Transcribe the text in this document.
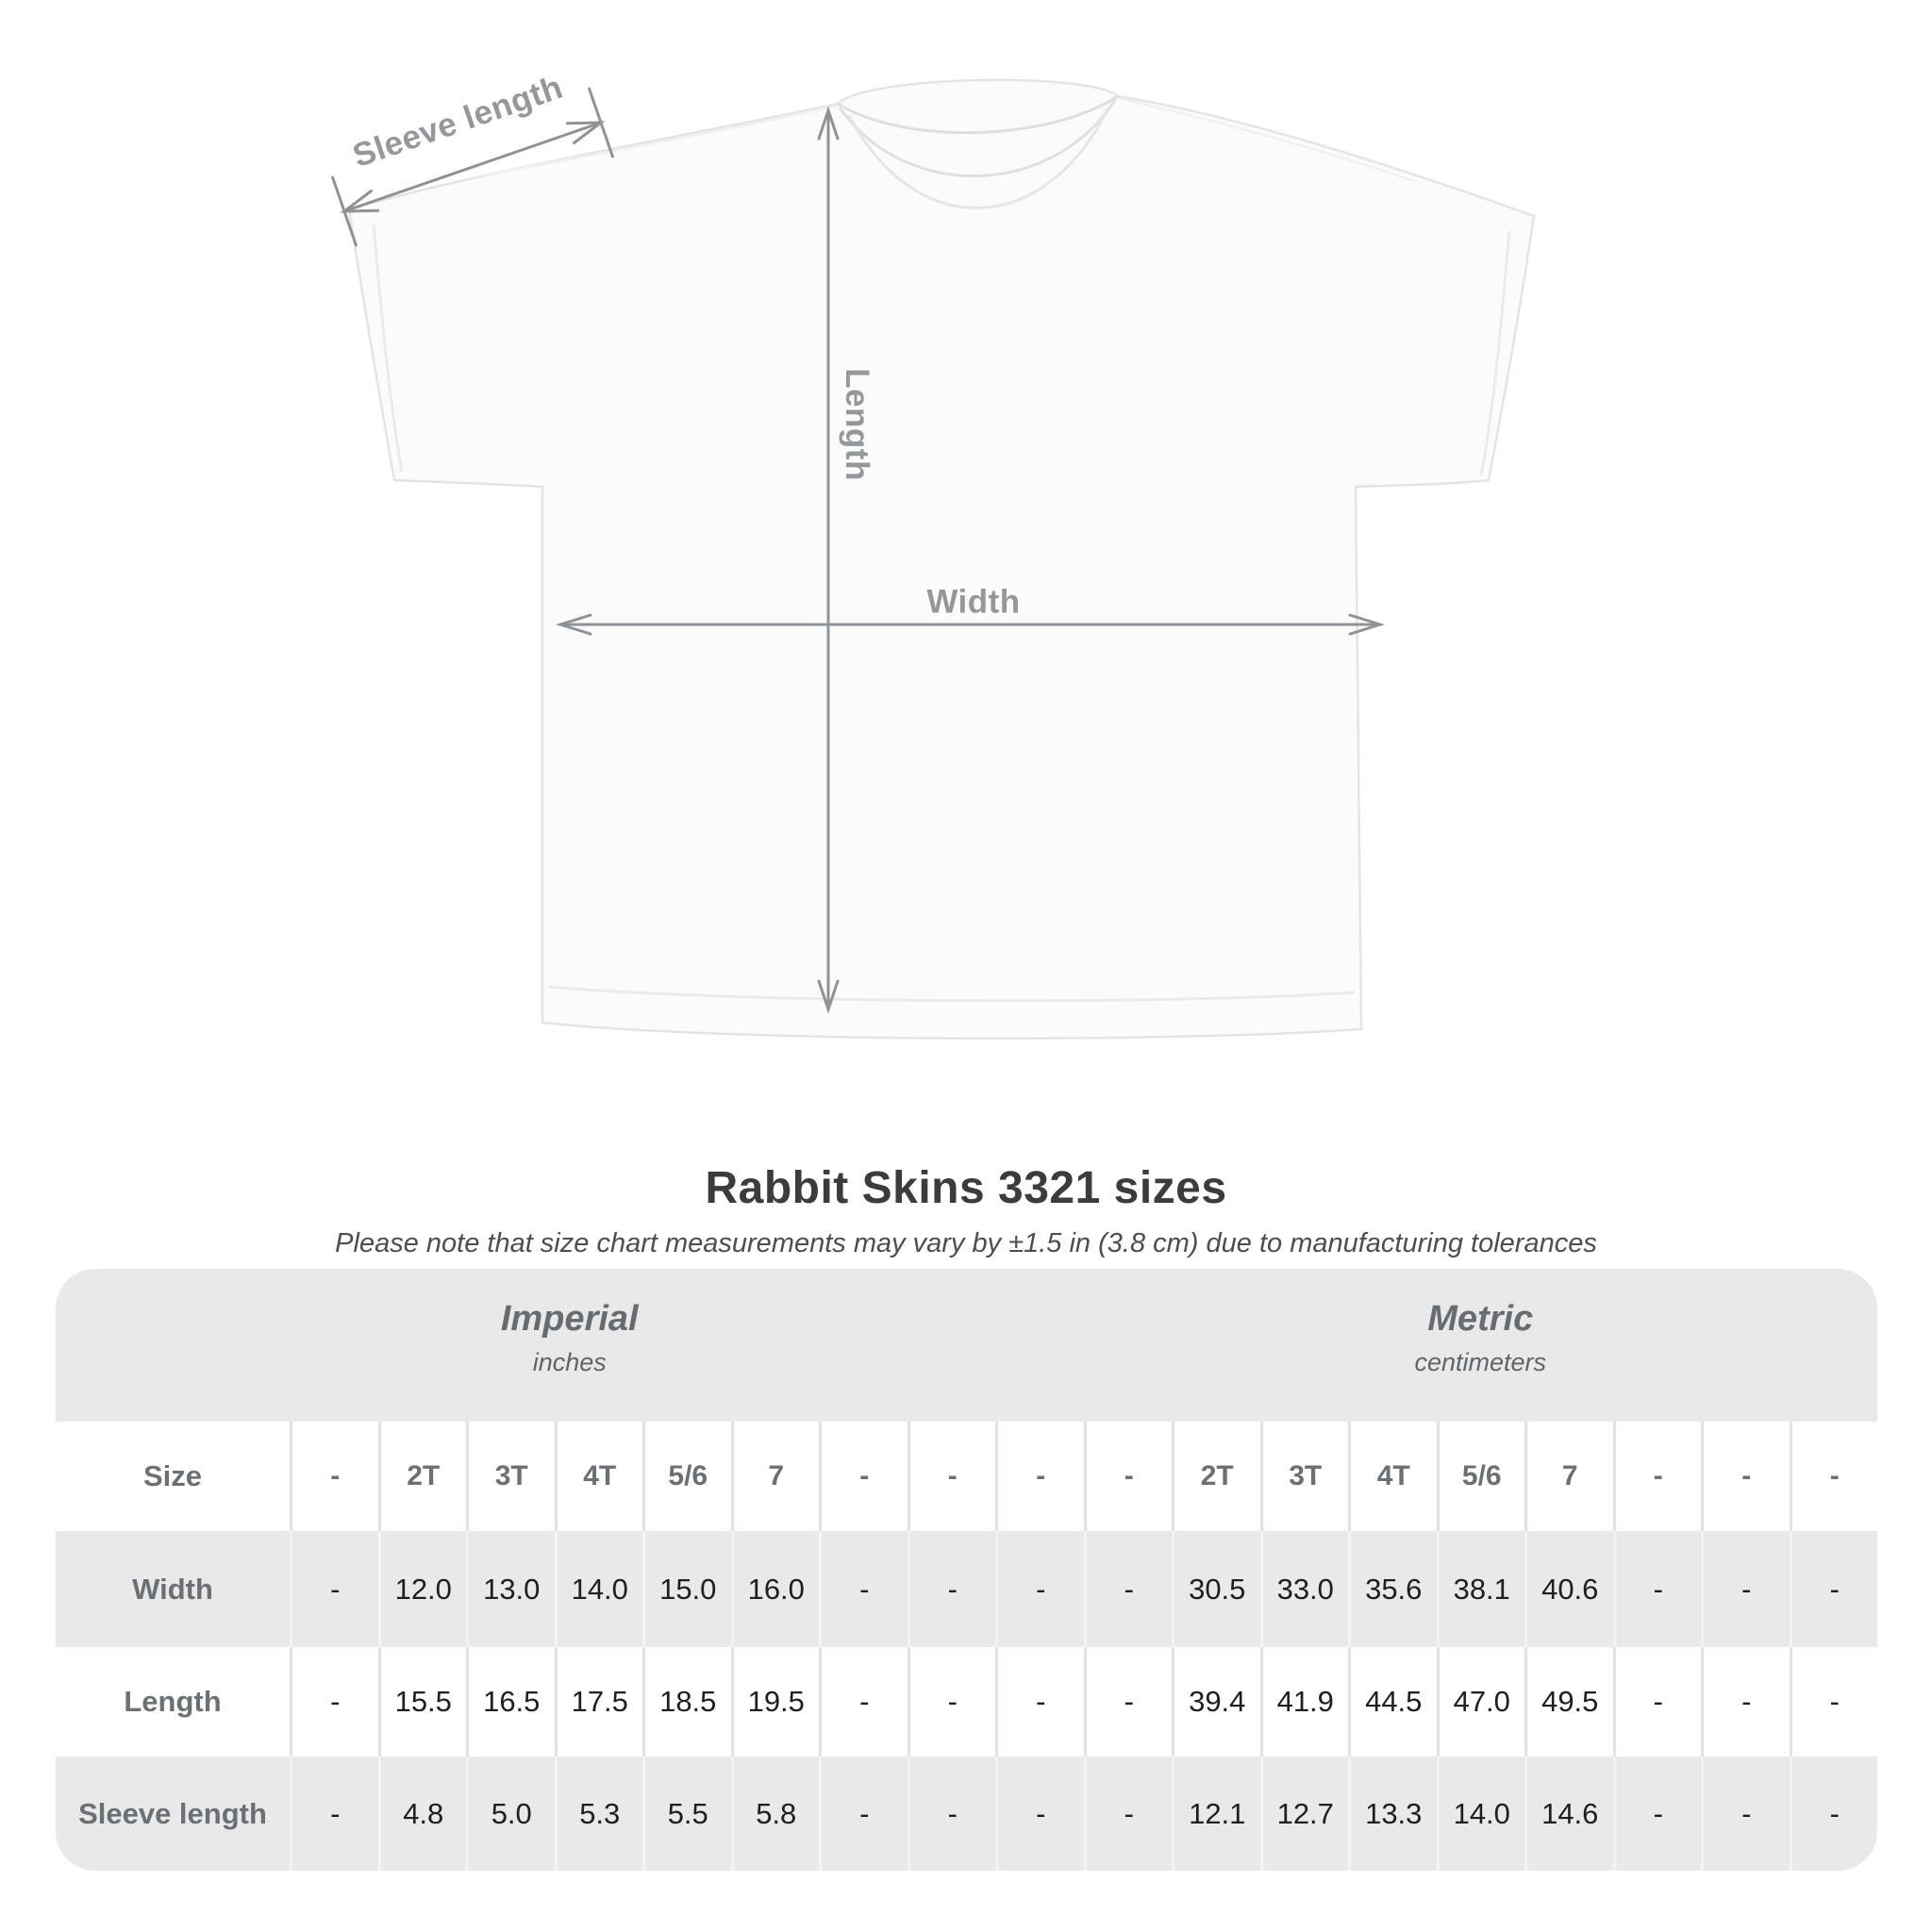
Sleeve length
Length
Width
Rabbit Skins 3321 sizes
Please note that size chart measurements may vary by ±1.5 in (3.8 cm) due to manufacturing tolerances
Imperial
inches
Metric
centimeters
Size	-	2T	3T	4T	5/6	7	-	-	-	-	2T	3T	4T	5/6	7	-	-	-
Width	-	12.0	13.0	14.0	15.0	16.0	-	-	-	-	30.5	33.0	35.6	38.1	40.6	-	-	-
Length	-	15.5	16.5	17.5	18.5	19.5	-	-	-	-	39.4	41.9	44.5	47.0	49.5	-	-	-
Sleeve length	-	4.8	5.0	5.3	5.5	5.8	-	-	-	-	12.1	12.7	13.3	14.0	14.6	-	-	-
